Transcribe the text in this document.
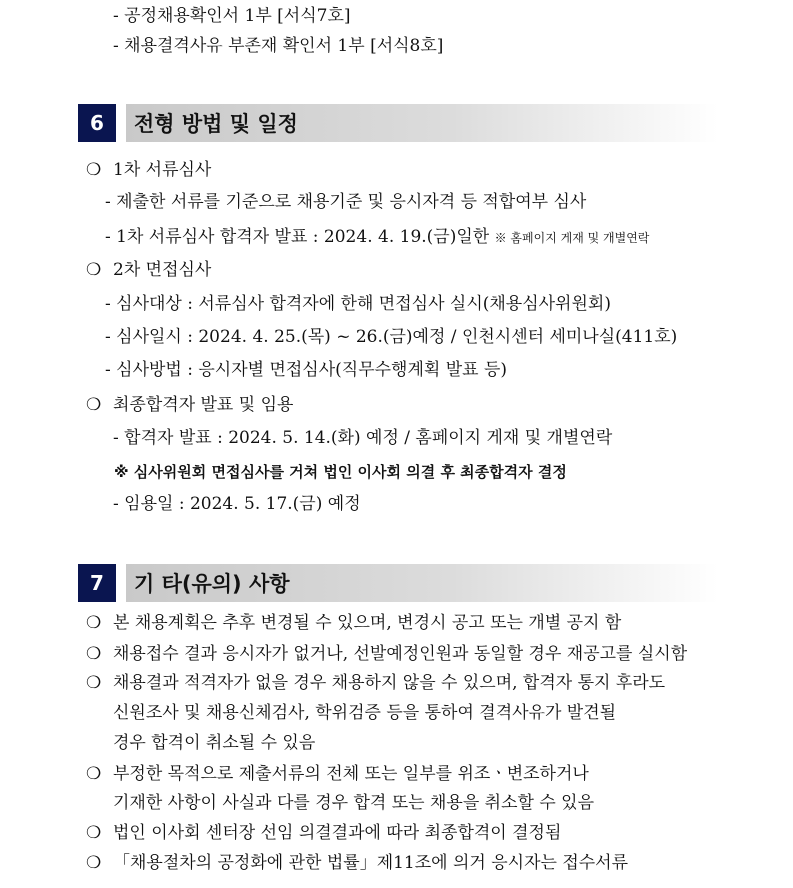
- 공정채용확인서 1부 [서식7호]
- 채용결격사유 부존재 확인서 1부 [서식8호]
6	전형 방법 및 일정
❍ 1차 서류심사
- 제출한 서류를 기준으로 채용기준 및 응시자격 등 적합여부 심사
- 1차 서류심사 합격자 발표 : 2024. 4. 19.(금)일한 ※ 홈페이지 게재 및 개별연락
❍ 2차 면접심사
- 심사대상 : 서류심사 합격자에 한해 면접심사 실시(채용심사위원회)
- 심사일시 : 2024. 4. 25.(목) ~ 26.(금)예정 / 인천시센터 세미나실(411호)
- 심사방법 : 응시자별 면접심사(직무수행계획 발표 등)
❍ 최종합격자 발표 및 임용
- 합격자 발표 : 2024. 5. 14.(화) 예정 / 홈페이지 게재 및 개별연락
※ 심사위원회 면접심사를 거쳐 법인 이사회 의결 후 최종합격자 결정
- 임용일 : 2024. 5. 17.(금) 예정
7	기 타(유의) 사항
❍ 본 채용계획은 추후 변경될 수 있으며, 변경시 공고 또는 개별 공지 함
❍ 채용접수 결과 응시자가 없거나, 선발예정인원과 동일할 경우 재공고를 실시함
❍ 채용결과 적격자가 없을 경우 채용하지 않을 수 있으며, 합격자 통지 후라도
신원조사 및 채용신체검사, 학위검증 등을 통하여 결격사유가 발견될
경우 합격이 취소될 수 있음
❍ 부정한 목적으로 제출서류의 전체 또는 일부를 위조ㆍ변조하거나
기재한 사항이 사실과 다를 경우 합격 또는 채용을 취소할 수 있음
❍ 법인 이사회 센터장 선임 의결결과에 따라 최종합격이 결정됨
❍ 「채용절차의 공정화에 관한 법률」제11조에 의거 응시자는 접수서류
